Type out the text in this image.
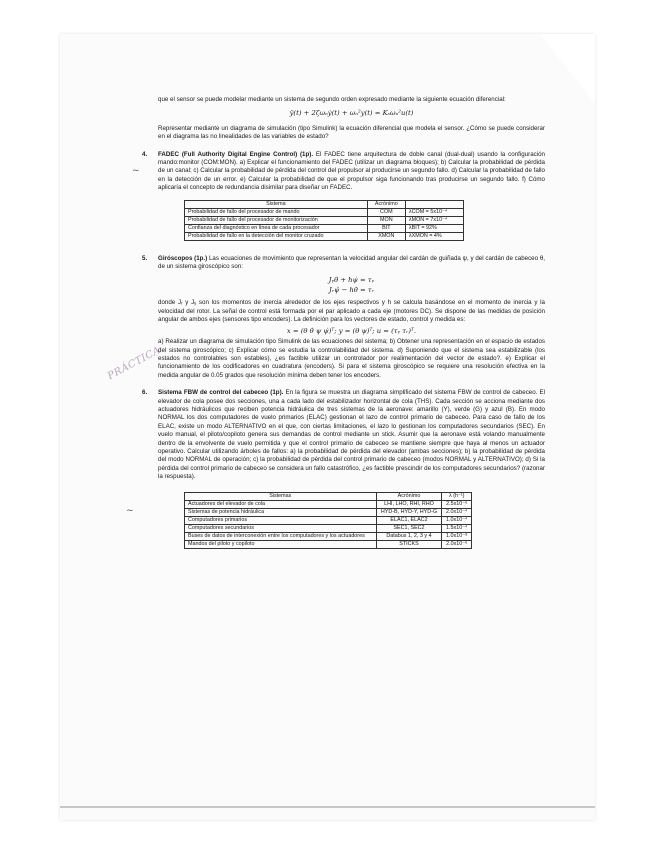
PRÁCTICA
~
~

que el sensor se puede modelar mediante un sistema de segundo orden expresado mediante la siguiente ecuación diferencial:

ÿ(t) + 2ζωₙẏ(t) + ωₙ²y(t) = Kₛωₙ²u(t)

Representar mediante un diagrama de simulación (tipo Simulink) la ecuación diferencial que modela el sensor. ¿Cómo se puede considerar en el diagrama las no linealidades de las variables de estado?

4. FADEC (Full Authority Digital Engine Control) (1p). El FADEC tiene arquitectura de doble canal (dual-dual) usando la configuración mando:monitor (COM:MON). a) Explicar el funcionamiento del FADEC (utilizar un diagrama bloques); b) Calcular la probabilidad de pérdida de un canal; c) Calcular la probabilidad de pérdida del control del propulsor al producirse un segundo fallo. d) Calcular la probabilidad de fallo en la detección de un error. e) Calcular la probabilidad de que el propulsor siga funcionando tras producirse un segundo fallo. f) Cómo aplicaría el concepto de redundancia disimilar para diseñar un FADEC.

Sistema	Acrónimo	
Probabilidad de fallo del procesador de mando	COM	λCOM = 5x10⁻⁴
Probabilidad de fallo del procesador de monitorización	MON	λMON = 7x10⁻⁴
Confianza del diagnóstico en línea de cada procesador	BIT	λBIT = 92%
Probabilidad de fallo en la detección del monitor cruzado	XMON	λXMON = 4%
5. Giróscopos (1p.) Las ecuaciones de movimiento que representan la velocidad angular del cardán de guiñada ψ, y del cardán de cabeceo θ, de un sistema giroscópico son:

Jᵧθ̈ + hψ̇ = τᵧ
Jᵣψ̈ − hθ̇ = τᵣ

donde Jᵣ y Jᵧ son los momentos de inercia alrededor de los ejes respectivos y h se calcula basándose en el momento de inercia y la velocidad del rotor. La señal de control está formada por el par aplicado a cada eje (motores DC). Se dispone de las medidas de posición angular de ambos ejes (sensores tipo encoders). La definición para los vectores de estado, control y medida es:

x = (θ θ̇ ψ ψ̇)ᵀ; y = (θ ψ)ᵀ; u = (τᵧ τᵣ)ᵀ.

a) Realizar un diagrama de simulación tipo Simulink de las ecuaciones del sistema; b) Obtener una representación en el espacio de estados del sistema giroscópico; c) Explicar cómo se estudia la controlabilidad del sistema. d) Suponiendo que el sistema sea estabilizable (los estados no controlables son estables), ¿es factible utilizar un controlador por realimentación del vector de estado?. e) Explicar el funcionamiento de los codificadores en cuadratura (encoders). Si para el sistema giroscópico se requiere una resolución efectiva en la medida angular de 0.05 grados que resolución mínima deben tener los encoders.

6. Sistema FBW de control del cabeceo (1p). En la figura se muestra un diagrama simplificado del sistema FBW de control de cabeceo. El elevador de cola posee dos secciones, una a cada lado del estabilizador horizontal de cola (THS). Cada sección se acciona mediante dos actuadores hidráulicos que reciben potencia hidráulica de tres sistemas de la aeronave: amarillo (Y), verde (G) y azul (B). En modo NORMAL los dos computadores de vuelo primarios (ELAC) gestionan el lazo de control primario de cabeceo. Para caso de fallo de los ELAC, existe un modo ALTERNATIVO en el que, con ciertas limitaciones, el lazo lo gestionan los computadores secundarios (SEC). En vuelo manual, el piloto/copiloto genera sus demandas de control mediante un stick. Asumir que la aeronave está volando manualmente dentro de la envolvente de vuelo permitida y que el control primario de cabeceo se mantiene siempre que haya al menos un actuador operativo. Calcular utilizando árboles de fallos: a) la probabilidad de pérdida del elevador (ambas secciones); b) la probabilidad de pérdida del modo NORMAL de operación; c) la probabilidad de pérdida del control primario de cabeceo (modos NORMAL y ALTERNATIVO); d) Si la pérdida del control primario de cabeceo se considera un fallo catastrófico, ¿es factible prescindir de los computadores secundarios? (razonar la respuesta).

Sistemas	Acrónimo	λ (h⁻¹)
Actuadores del elevador de cola	LHI, LHO, RHI, RHO	2.5x10⁻⁶
Sistemas de potencia hidráulica	HYD-B, HYD-Y, HYD-G	2.0x10⁻⁴
Computadores primarios	ELAC1, ELAC2	1.0x10⁻⁴
Computadores secundarios	SEC1, SEC2	1.5x10⁻⁴
Buses de datos de interconexión entre los computadores y los actuadores	Databus 1, 2, 3 y 4	1.0x10⁻⁸
Mandos del piloto y copiloto	STICKS	2.0x10⁻⁶
